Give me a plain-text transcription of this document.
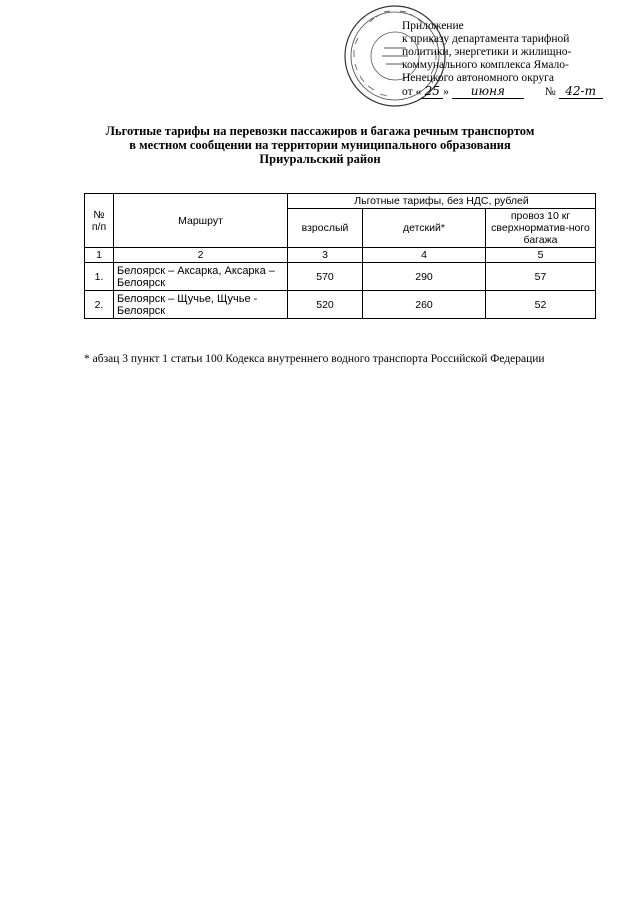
Приложение
к приказу департамента тарифной
политики, энергетики и жилищно-
коммунального комплекса Ямало-
Ненецкого автономного округа
от « 25 » июня	№ 42-т
Льготные тарифы на перевозки пассажиров и багажа речным транспортом
в местном сообщении на территории муниципального образования
Приуральский район
№ п/п	Маршрут	Льготные тарифы, без НДС, рублей		
		взрослый	детский*	провоз 10 кг сверхнорматив-ного багажа
1	2	3	4	5
1.	Белоярск – Аксарка, Аксарка – Белоярск	570	290	57
2.	Белоярск – Щучье, Щучье - Белоярск	520	260	52
* абзац 3 пункт 1 статьи 100 Кодекса внутреннего водного транспорта Российской Федерации
